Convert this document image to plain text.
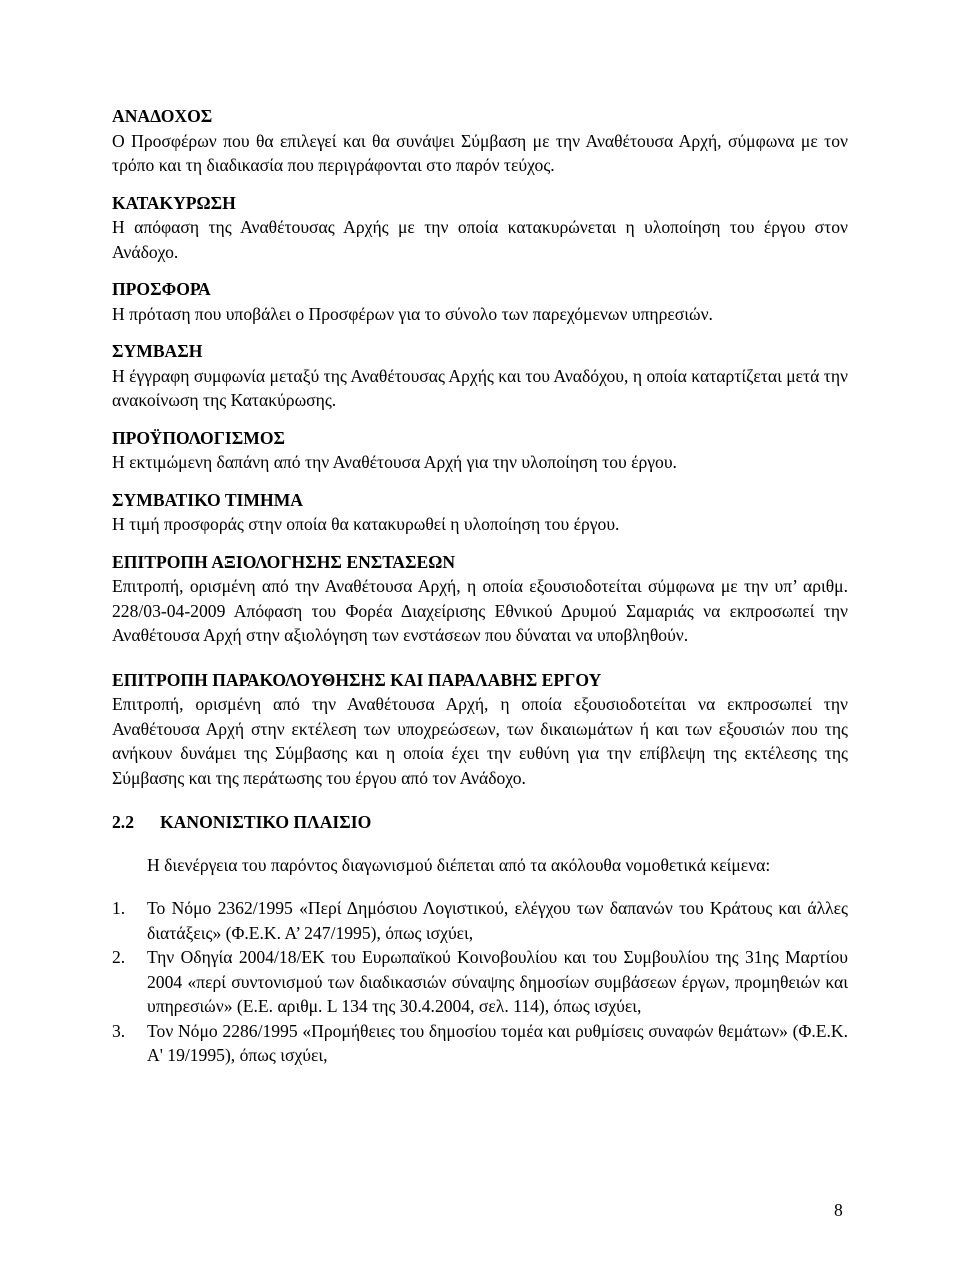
ΑΝΑΔΟΧΟΣ
Ο Προσφέρων που θα επιλεγεί και θα συνάψει Σύμβαση με την Αναθέτουσα Αρχή, σύμφωνα με τον τρόπο και τη διαδικασία που περιγράφονται στο παρόν τεύχος.
ΚΑΤΑΚΥΡΩΣΗ
Η απόφαση της Αναθέτουσας Αρχής με την οποία κατακυρώνεται η υλοποίηση του έργου στον Ανάδοχο.
ΠΡΟΣΦΟΡΑ
Η πρόταση που υποβάλει ο Προσφέρων για το σύνολο των παρεχόμενων υπηρεσιών.
ΣΥΜΒΑΣΗ
Η έγγραφη συμφωνία μεταξύ της Αναθέτουσας Αρχής και του Αναδόχου, η οποία καταρτίζεται μετά την ανακοίνωση της Κατακύρωσης.
ΠΡΟΫΠΟΛΟΓΙΣΜΟΣ
Η εκτιμώμενη δαπάνη από την Αναθέτουσα Αρχή για την υλοποίηση του έργου.
ΣΥΜΒΑΤΙΚΟ ΤΙΜΗΜΑ
Η τιμή προσφοράς στην οποία θα κατακυρωθεί η υλοποίηση του έργου.
ΕΠΙΤΡΟΠΗ ΑΞΙΟΛΟΓΗΣΗΣ ΕΝΣΤΑΣΕΩΝ
Επιτροπή, ορισμένη από την Αναθέτουσα Αρχή, η οποία εξουσιοδοτείται σύμφωνα με την υπ’ αριθμ. 228/03-04-2009 Απόφαση του Φορέα Διαχείρισης Εθνικού Δρυμού Σαμαριάς να εκπροσωπεί την Αναθέτουσα Αρχή στην αξιολόγηση των ενστάσεων που δύναται να υποβληθούν.
ΕΠΙΤΡΟΠΗ ΠΑΡΑΚΟΛΟΥΘΗΣΗΣ ΚΑΙ ΠΑΡΑΛΑΒΗΣ ΕΡΓΟΥ
Επιτροπή, ορισμένη από την Αναθέτουσα Αρχή, η οποία εξουσιοδοτείται να εκπροσωπεί την Αναθέτουσα Αρχή στην εκτέλεση των υποχρεώσεων, των δικαιωμάτων ή και των εξουσιών που της ανήκουν δυνάμει της Σύμβασης και η οποία έχει την ευθύνη για την επίβλεψη της εκτέλεσης της Σύμβασης και της περάτωσης του έργου από τον Ανάδοχο.
2.2 ΚΑΝΟΝΙΣΤΙΚΟ ΠΛΑΙΣΙΟ

Η διενέργεια του παρόντος διαγωνισμού διέπεται από τα ακόλουθα νομοθετικά κείμενα:

1. Το Νόμο 2362/1995 «Περί Δημόσιου Λογιστικού, ελέγχου των δαπανών του Κράτους και άλλες διατάξεις» (Φ.Ε.Κ. Α’ 247/1995), όπως ισχύει,
2. Την Οδηγία 2004/18/ΕΚ του Ευρωπαϊκού Κοινοβουλίου και του Συμβουλίου της 31ης Μαρτίου 2004 «περί συντονισμού των διαδικασιών σύναψης δημοσίων συμβάσεων έργων, προμηθειών και υπηρεσιών» (Ε.Ε. αριθμ. L 134 της 30.4.2004, σελ. 114), όπως ισχύει,
3. Τον Νόμο 2286/1995 «Προμήθειες του δημοσίου τομέα και ρυθμίσεις συναφών θεμάτων» (Φ.Ε.Κ. Α' 19/1995), όπως ισχύει,
8
